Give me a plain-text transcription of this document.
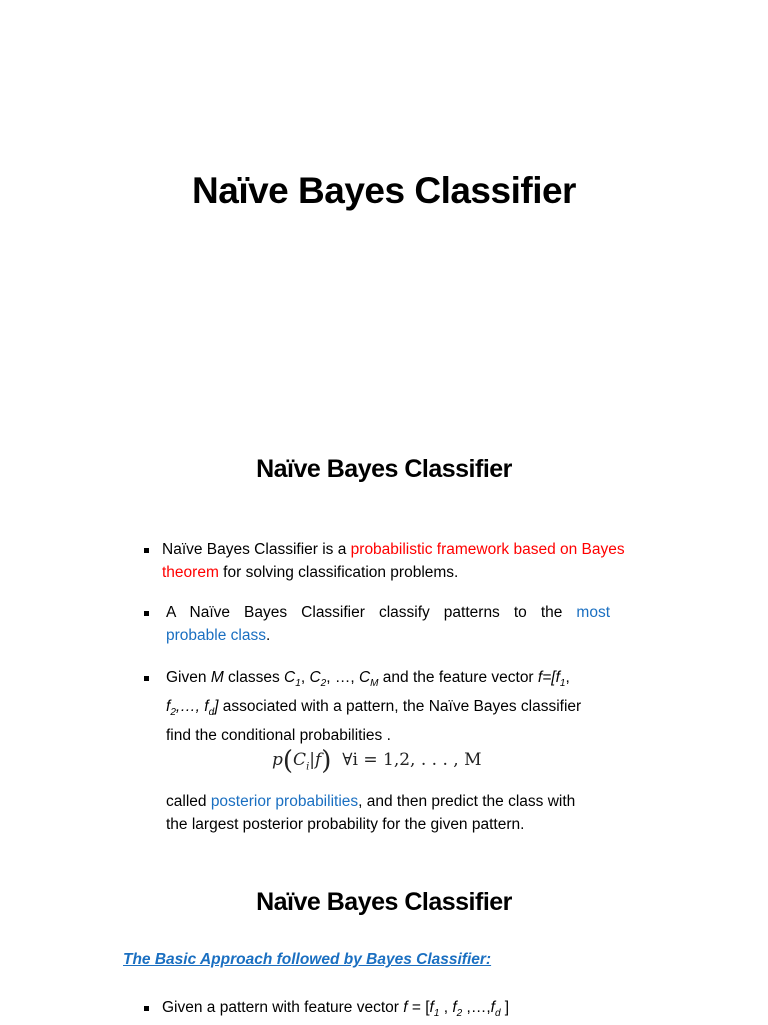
Naïve Bayes Classifier
Naïve Bayes Classifier
Naïve Bayes Classifier is a probabilistic framework based on Bayes
theorem for solving classification problems.
A Naïve Bayes Classifier classify patterns to the most
probable class.
Given M classes $C_1$, $C_2$, …, $C_M$ and the feature vector $f=[f_1$,
$f_2,\dots$, $f_d$] associated with a pattern, the Naïve Bayes classifier
find the conditional probabilities .
$p(C_i|f)$ ∀i = 1,2, . . . , M
called posterior probabilities, and then predict the class with
the largest posterior probability for the given pattern.
Naïve Bayes Classifier
The Basic Approach followed by Bayes Classifier:
Given a pattern with feature vector $f = [f_1$ , $f_2$ $,\dots,f_d$ ]
